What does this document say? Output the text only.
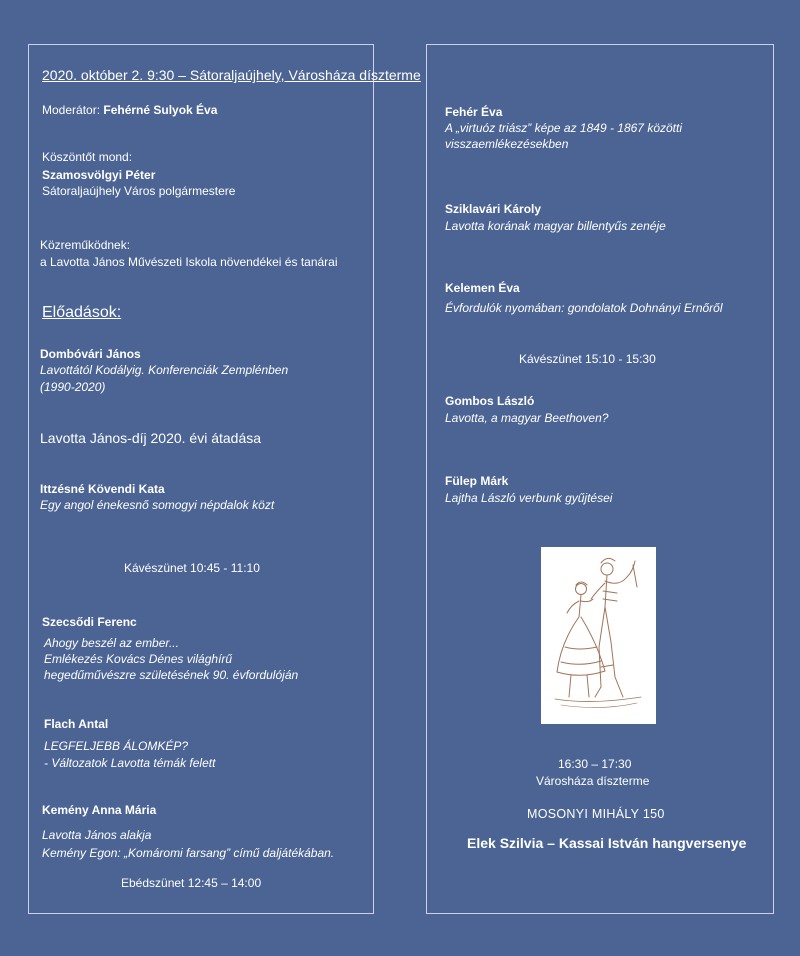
2020. október 2. 9:30 – Sátoraljaújhely, Városháza díszterme
Moderátor: Fehérné Sulyok Éva
Köszöntőt mond:
Szamosvölgyi Péter
Sátoraljaújhely Város polgármestere
Közreműködnek:
a Lavotta János Művészeti Iskola növendékei és tanárai
Előadások:
Dombóvári János
Lavottától Kodályig. Konferenciák Zemplénben
(1990-2020)
Lavotta János-díj 2020. évi átadása
Ittzésné Kövendi Kata
Egy angol énekesnő somogyi népdalok közt
Kávészünet 10:45 - 11:10
Szecsődi Ferenc
Ahogy beszél az ember...
Emlékezés Kovács Dénes világhírű
hegedűművészre születésének 90. évfordulóján
Flach Antal
LEGFELJEBB ÁLOMKÉP?
- Változatok Lavotta témák felett
Kemény Anna Mária
Lavotta János alakja
Kemény Egon: „Komáromi farsang” című daljátékában.
Ebédszünet 12:45 – 14:00
Fehér Éva
A „virtuóz triász” képe az 1849 - 1867 közötti
visszaemlékezésekben
Sziklavári Károly
Lavotta korának magyar billentyűs zenéje
Kelemen Éva
Évfordulók nyomában: gondolatok Dohnányi Ernőről
Kávészünet 15:10 - 15:30
Gombos László
Lavotta, a magyar Beethoven?
Fülep Márk
Lajtha László verbunk gyűjtései
16:30 – 17:30
Városháza díszterme
MOSONYI MIHÁLY 150
Elek Szilvia – Kassai István hangversenye
